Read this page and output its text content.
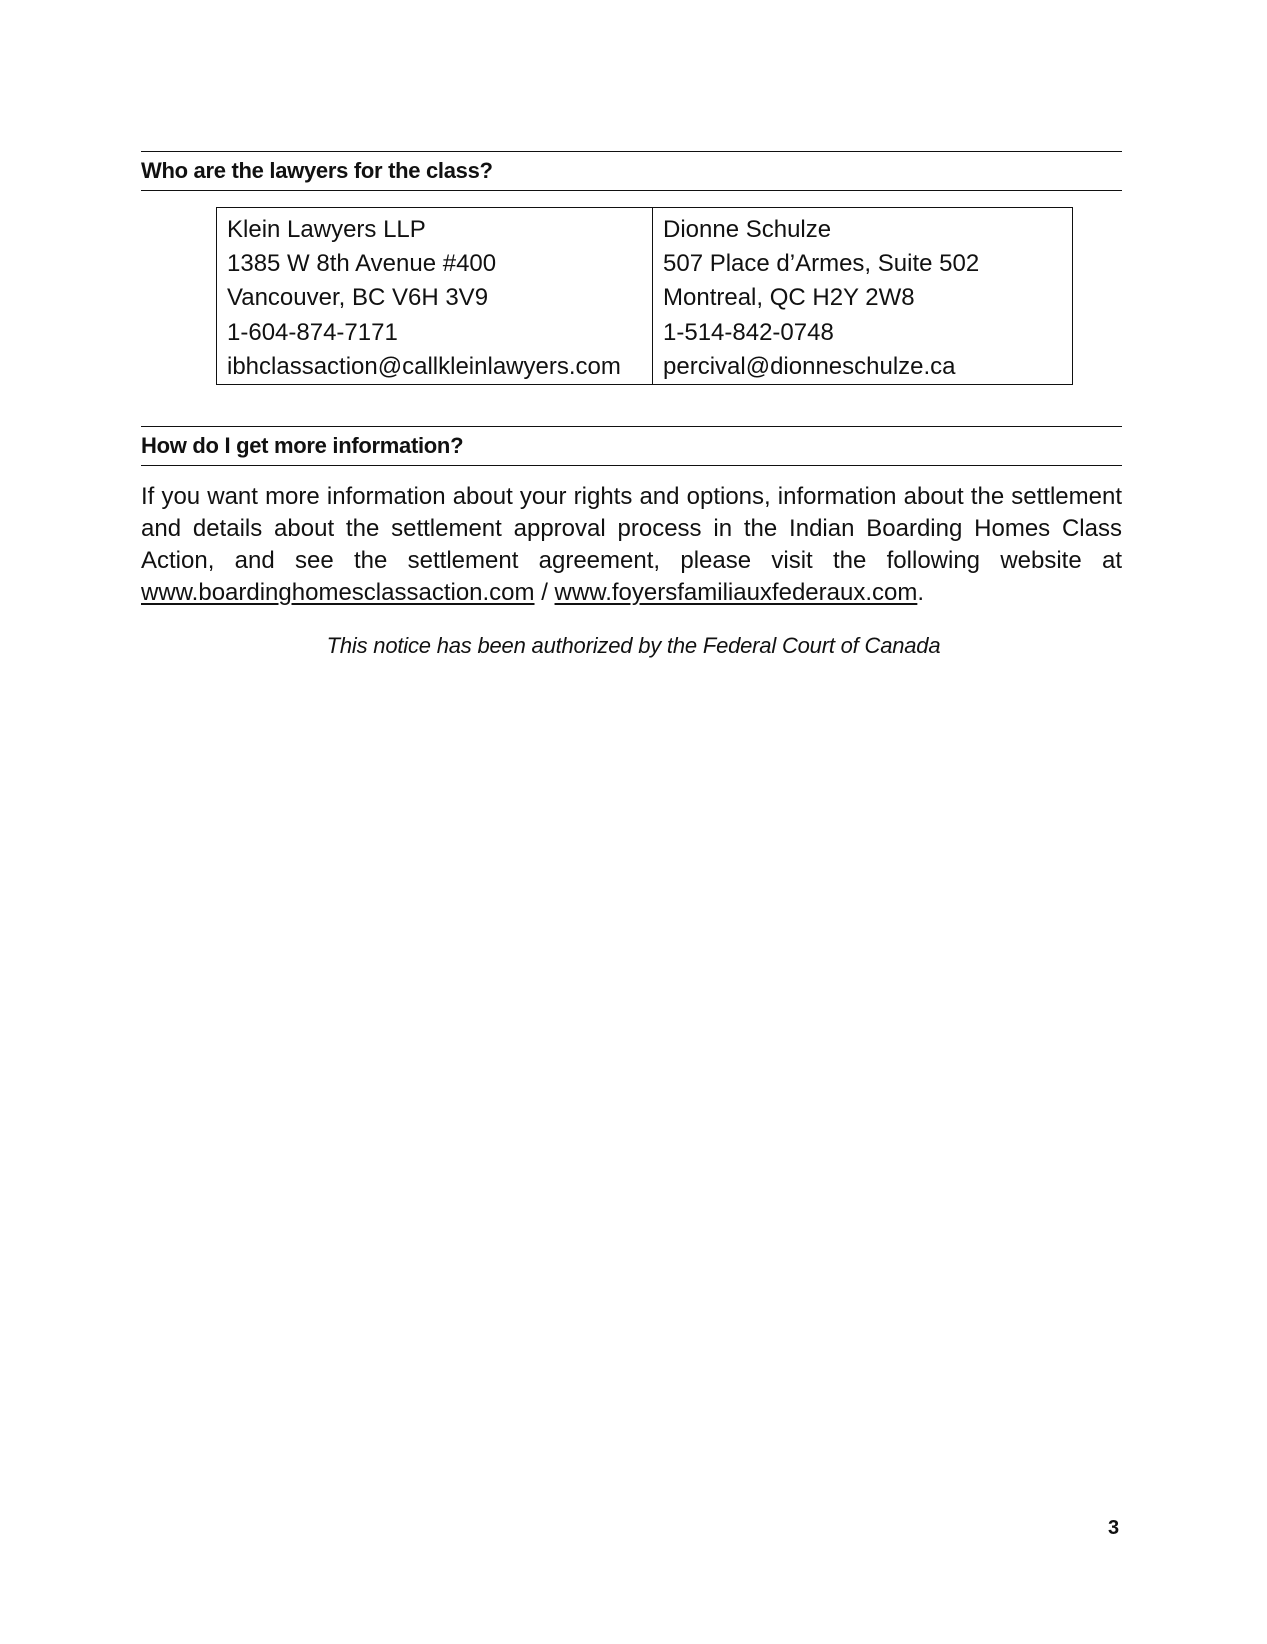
Who are the lawyers for the class?
Klein Lawyers LLP
1385 W 8th Avenue #400
Vancouver, BC V6H 3V9
1-604-874-7171
ibhclassaction@callkleinlawyers.com
Dionne Schulze
507 Place d’Armes, Suite 502
Montreal, QC H2Y 2W8
1-514-842-0748
percival@dionneschulze.ca
How do I get more information?

If you want more information about your rights and options, information about the settlement and details about the settlement approval process in the Indian Boarding Homes Class Action, and see the settlement agreement, please visit the following website at www.boardinghomesclassaction.com / www.foyersfamiliauxfederaux.com.

This notice has been authorized by the Federal Court of Canada
3
